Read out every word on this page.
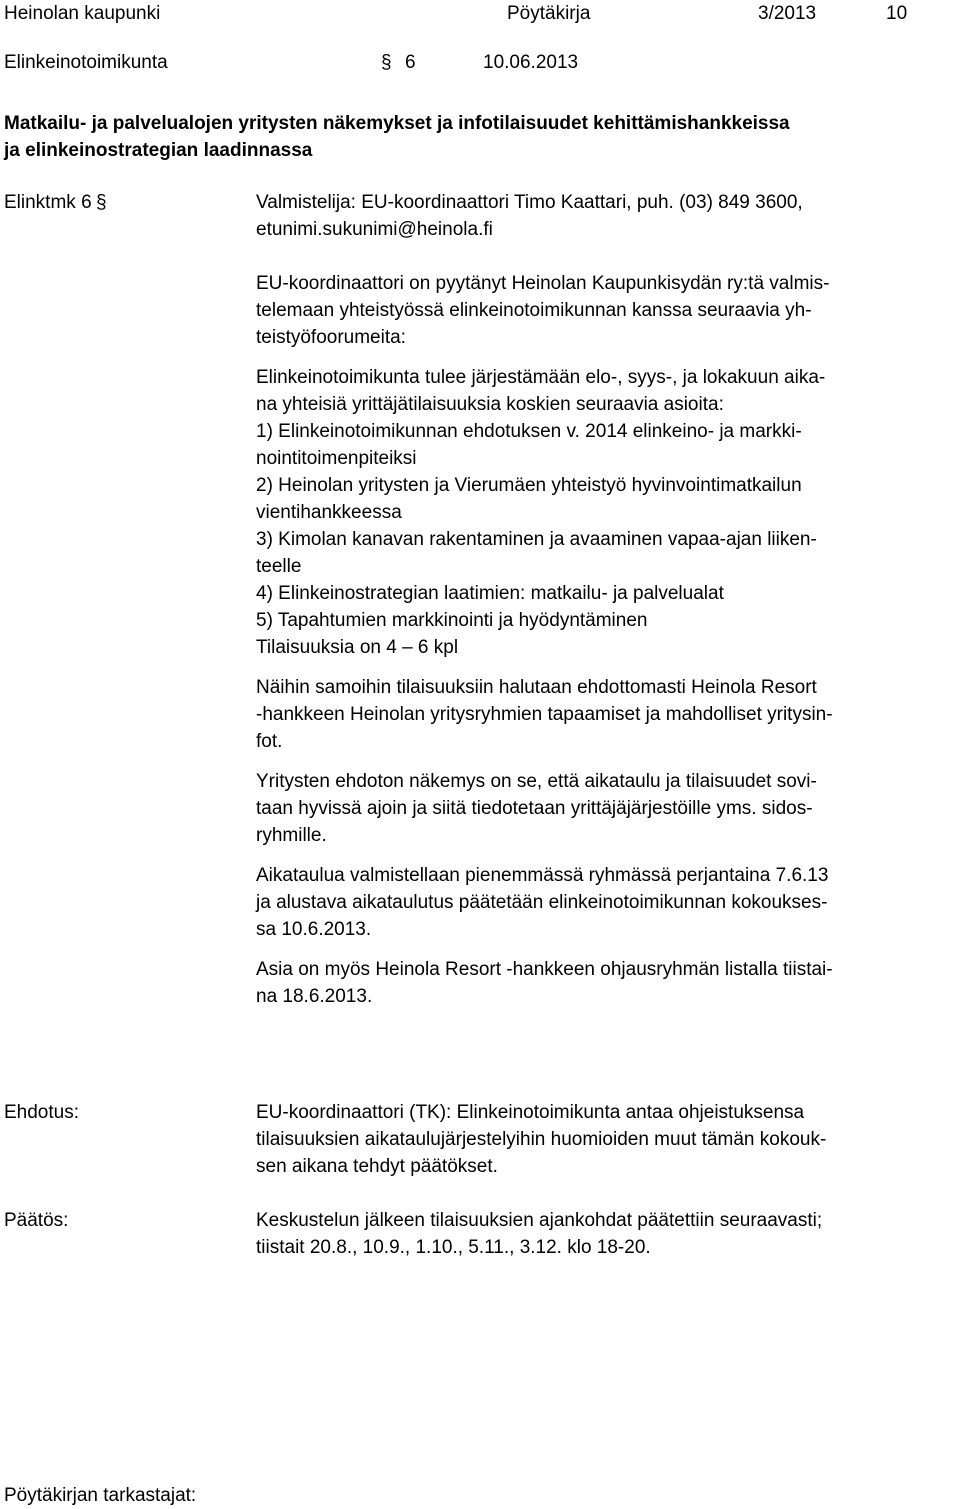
Heinolan kaupunki	Pöytäkirja	3/2013	10
Elinkeinotoimikunta	§ 6	10.06.2013
Matkailu- ja palvelualojen yritysten näkemykset ja infotilaisuudet kehittämishankkeissa
ja elinkeinostrategian laadinnassa
Elinktmk 6 §	Valmistelija: EU-koordinaattori Timo Kaattari, puh. (03) 849 3600,
etunimi.sukunimi@heinola.fi
EU-koordinaattori on pyytänyt Heinolan Kaupunkisydän ry:tä valmis-
telemaan yhteistyössä elinkeinotoimikunnan kanssa seuraavia yh-
teistyöfoorumeita:
Elinkeinotoimikunta tulee järjestämään elo-, syys-, ja lokakuun aika-
na yhteisiä yrittäjätilaisuuksia koskien seuraavia asioita:
1) Elinkeinotoimikunnan ehdotuksen v. 2014 elinkeino- ja markki-
nointitoimenpiteiksi
2) Heinolan yritysten ja Vierumäen yhteistyö hyvinvointimatkailun
vientihankkeessa
3) Kimolan kanavan rakentaminen ja avaaminen vapaa-ajan liiken-
teelle
4) Elinkeinostrategian laatimien: matkailu- ja palvelualat
5) Tapahtumien markkinointi ja hyödyntäminen
Tilaisuuksia on 4 – 6 kpl
Näihin samoihin tilaisuuksiin halutaan ehdottomasti Heinola Resort
-hankkeen Heinolan yritysryhmien tapaamiset ja mahdolliset yritysin-
fot.
Yritysten ehdoton näkemys on se, että aikataulu ja tilaisuudet sovi-
taan hyvissä ajoin ja siitä tiedotetaan yrittäjäjärjestöille yms. sidos-
ryhmille.
Aikataulua valmistellaan pienemmässä ryhmässä perjantaina 7.6.13
ja alustava aikataulutus päätetään elinkeinotoimikunnan kokoukses-
sa 10.6.2013.
Asia on myös Heinola Resort -hankkeen ohjausryhmän listalla tiistai-
na 18.6.2013.
Ehdotus:	EU-koordinaattori (TK): Elinkeinotoimikunta antaa ohjeistuksensa
tilaisuuksien aikataulujärjestelyihin huomioiden muut tämän kokouk-
sen aikana tehdyt päätökset.
Päätös:	Keskustelun jälkeen tilaisuuksien ajankohdat päätettiin seuraavasti;
tiistait 20.8., 10.9., 1.10., 5.11., 3.12. klo 18-20.
Pöytäkirjan tarkastajat:
